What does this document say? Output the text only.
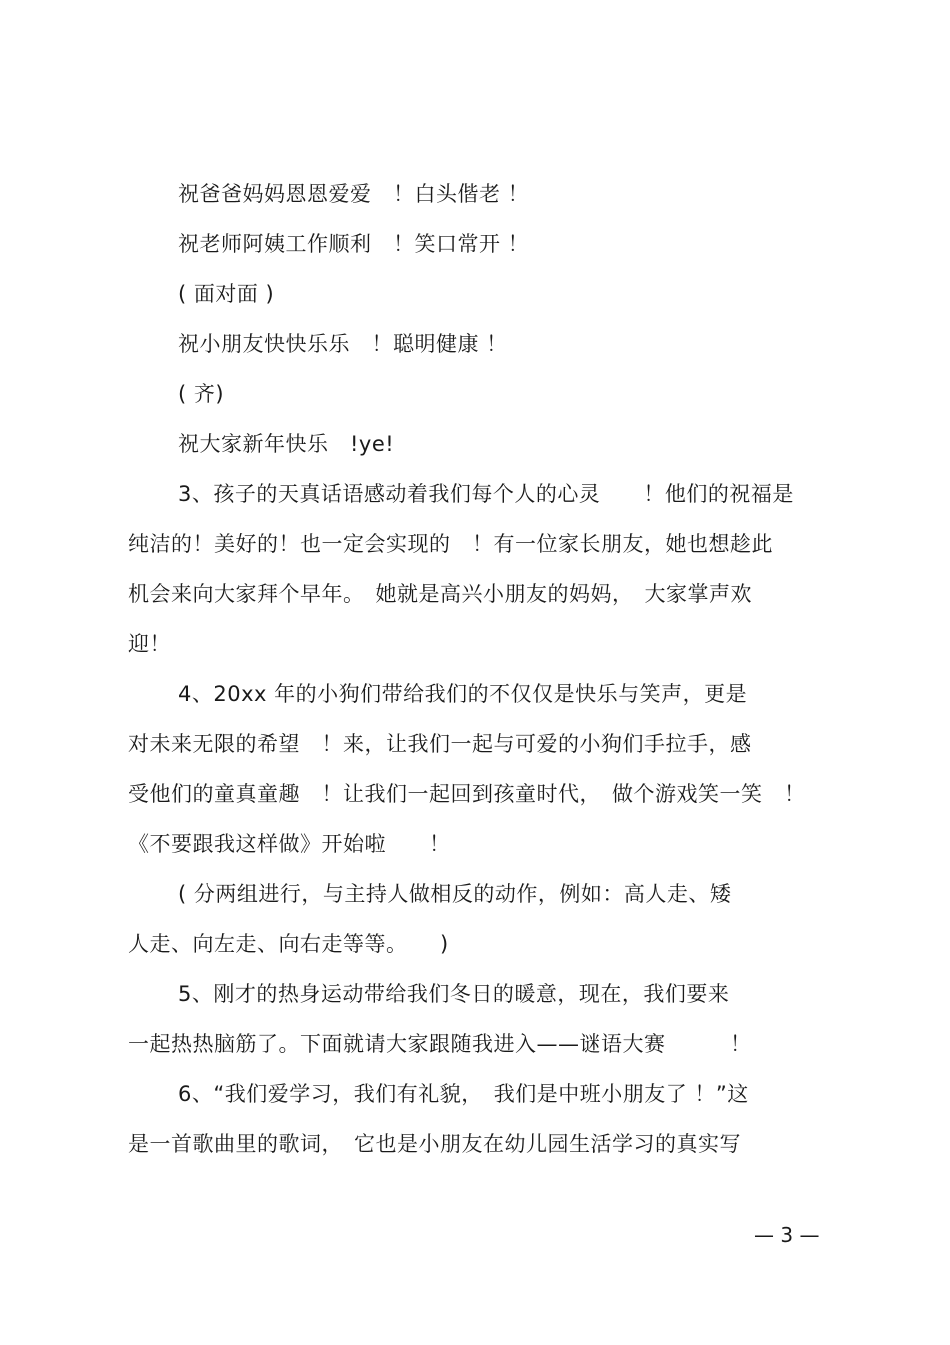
祝爸爸妈妈恩恩爱爱　！白头偕老 ！
祝老师阿姨工作顺利　！笑口常开 ！
( 面对面 )
祝小朋友快快乐乐　！聪明健康 ！
( 齐)
祝大家新年快乐　!ye!
3、孩子的天真话语感动着我们每个人的心灵　　！他们的祝福是
纯洁的！美好的！也一定会实现的　！有一位家长朋友，她也想趁此
机会来向大家拜个早年。　她就是高兴小朋友的妈妈，　大家掌声欢
迎！
4、20xx 年的小狗们带给我们的不仅仅是快乐与笑声，更是
对未来无限的希望　！来，让我们一起与可爱的小狗们手拉手，感
受他们的童真童趣　！让我们一起回到孩童时代，　做个游戏笑一笑　！
《不要跟我这样做》开始啦　　！
( 分两组进行，与主持人做相反的动作，例如：高人走、矮
人走、向左走、向右走等等。　　)
5、刚才的热身运动带给我们冬日的暖意，现在，我们要来
一起热热脑筋了。下面就请大家跟随我进入——谜语大赛　　　！
6、“我们爱学习，我们有礼貌，　我们是中班小朋友了 ！”这
是一首歌曲里的歌词，　它也是小朋友在幼儿园生活学习的真实写
— 3 —
